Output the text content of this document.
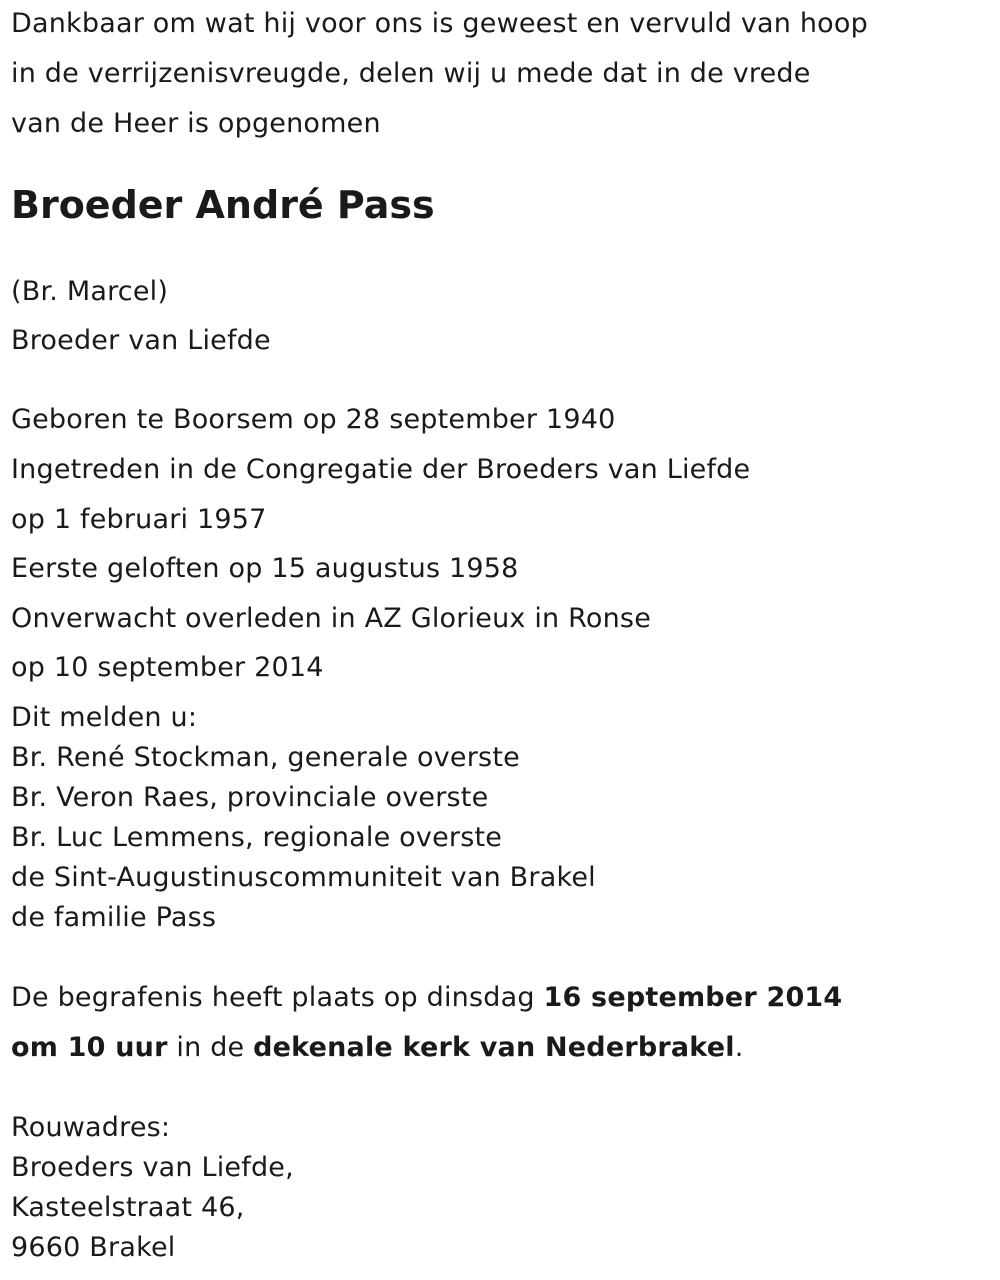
Dankbaar om wat hij voor ons is geweest en vervuld van hoop

in de verrijzenisvreugde, delen wij u mede dat in de vrede

van de Heer is opgenomen

Broeder André Pass

(Br. Marcel)

Broeder van Liefde

Geboren te Boorsem op 28 september 1940

Ingetreden in de Congregatie der Broeders van Liefde

op 1 februari 1957

Eerste geloften op 15 augustus 1958

Onverwacht overleden in AZ Glorieux in Ronse

op 10 september 2014

Dit melden u:

Br. René Stockman, generale overste

Br. Veron Raes, provinciale overste

Br. Luc Lemmens, regionale overste

de Sint-Augustinuscommuniteit van Brakel

de familie Pass

De begrafenis heeft plaats op dinsdag 16 september 2014

om 10 uur in de dekenale kerk van Nederbrakel.

Rouwadres:

Broeders van Liefde,

Kasteelstraat 46,

9660 Brakel
